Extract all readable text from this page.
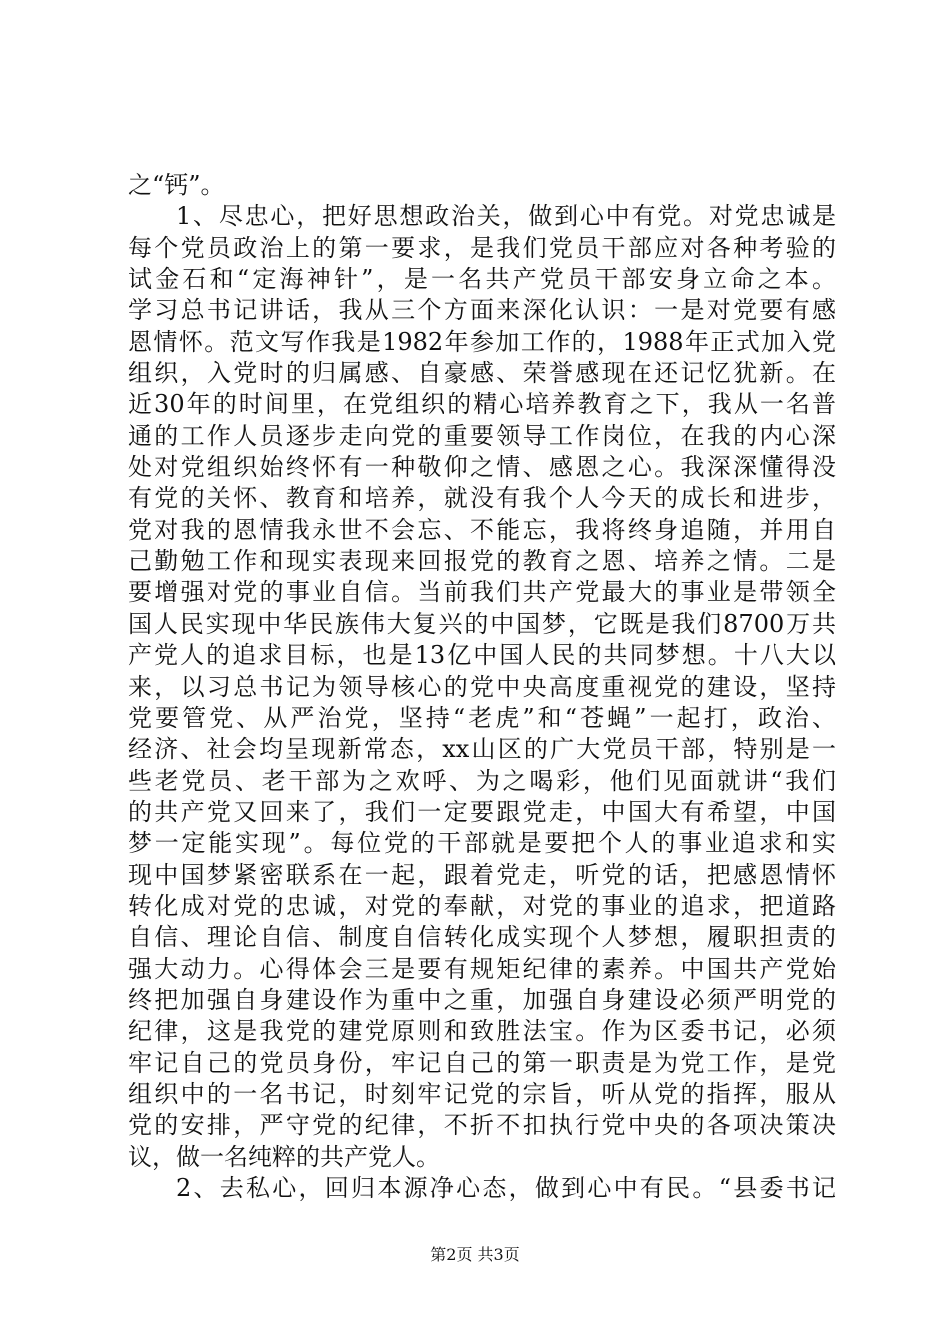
之“钙”。
1、尽忠心，把好思想政治关，做到心中有党。对党忠诚是
每个党员政治上的第一要求，是我们党员干部应对各种考验的
试金石和“定海神针”，是一名共产党员干部安身立命之本。
学习总书记讲话，我从三个方面来深化认识：一是对党要有感
恩情怀。范文写作我是1982年参加工作的，1988年正式加入党
组织，入党时的归属感、自豪感、荣誉感现在还记忆犹新。在
近30年的时间里，在党组织的精心培养教育之下，我从一名普
通的工作人员逐步走向党的重要领导工作岗位，在我的内心深
处对党组织始终怀有一种敬仰之情、感恩之心。我深深懂得没
有党的关怀、教育和培养，就没有我个人今天的成长和进步，
党对我的恩情我永世不会忘、不能忘，我将终身追随，并用自
己勤勉工作和现实表现来回报党的教育之恩、培养之情。二是
要增强对党的事业自信。当前我们共产党最大的事业是带领全
国人民实现中华民族伟大复兴的中国梦，它既是我们8700万共
产党人的追求目标，也是13亿中国人民的共同梦想。十八大以
来，以习总书记为领导核心的党中央高度重视党的建设，坚持
党要管党、从严治党，坚持“老虎”和“苍蝇”一起打，政治、
经济、社会均呈现新常态，xx山区的广大党员干部，特别是一
些老党员、老干部为之欢呼、为之喝彩，他们见面就讲“我们
的共产党又回来了，我们一定要跟党走，中国大有希望，中国
梦一定能实现”。每位党的干部就是要把个人的事业追求和实
现中国梦紧密联系在一起，跟着党走，听党的话，把感恩情怀
转化成对党的忠诚，对党的奉献，对党的事业的追求，把道路
自信、理论自信、制度自信转化成实现个人梦想，履职担责的
强大动力。心得体会三是要有规矩纪律的素养。中国共产党始
终把加强自身建设作为重中之重，加强自身建设必须严明党的
纪律，这是我党的建党原则和致胜法宝。作为区委书记，必须
牢记自己的党员身份，牢记自己的第一职责是为党工作，是党
组织中的一名书记，时刻牢记党的宗旨，听从党的指挥，服从
党的安排，严守党的纪律，不折不扣执行党中央的各项决策决
议，做一名纯粹的共产党人。
2、去私心，回归本源净心态，做到心中有民。“县委书记
第2页 共3页
